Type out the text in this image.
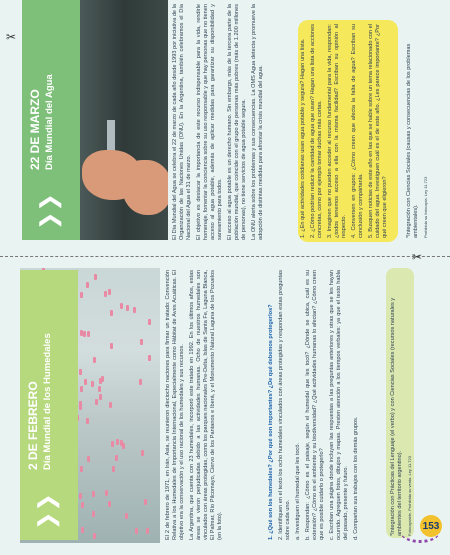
2 DE FEBRERO Día Mundial de los Humedales
❯❯	El 2 de febrero de 1971, en Irán, Asia, se reunieron dieciocho naciones para firmar un tratado: Convención Relativa a los Humedales de Importancia Internacional, Especialmente como Hábitat de Aves Acuáticas. El objetivo era la conservación y el uso racional de los humedales y sus recursos. La Argentina, que cuenta con 23 humedales, incorporó este tratado en 1992. En los últimos años, estas áreas se vieron perjudicadas debido a las actividades humanas. Ocho de nuestros humedales son vinculados con áreas protegidas, como los parques nacionales Pre-Delta, Islas de Santa Fe, Laguna Blanca, El Palmar, Río Pilcomayo, Ciervo de los Pantanos e Iberá, y el Monumento Natural Laguna de los Pozuelos (en la foto).	1. ¿Qué son los humedales? ¿Por qué son importantes? ¿De qué debemos protegerlos? 2. Identifiquen en el texto los ocho humedales vinculados con áreas protegidas y respondan estas preguntas sobre cada uno. a. Investiguen el humedal que les tocó. b. Respondan: ¿Cómo es el paisaje, según el humedal que les tocó? ¿Dónde se ubica, cuál es su extensión? ¿Cómo es el ambiente y su biodiversidad? ¿Qué actividades humanas lo afectan? ¿Cómo creen que es posible cuidarlo o protegerlo? c. Escriban una página donde incluyan las respuestas a las preguntas anteriores y otras que se les hayan ocurrido. Agreguen fotos, dibujos y mapas. Presten atención a los tiempos verbales: ya que el texto habla del pasado, presente y futuro. d. Compartan sus trabajos con los demás grupos.	*Integración con Prácticas del Lenguaje (el verbo) y con Ciencias Sociales (recursos naturales y ambientes del territorio argentino). Fotocopiable. Prohibida su venta. Ley 11.723
22 DE MARZO Día Mundial del Agua
❯❯	El Día Mundial del Agua se celebra el 22 de marzo de cada año desde 1993 por iniciativa de la Organización de las Naciones Unidas (ONU). En la Argentina, también celebramos el Día Nacional del Agua el 31 de marzo. El objetivo es destacar la importancia de este recurso indispensable para la vida, rendirle homenaje, fomentar la conciencia sobre su uso responsable y que hay personas que no tienen acceso al agua potable, además de aplicar medidas para garantizar su disponibilidad y saneamiento para todos. El acceso al agua potable es un derecho humano. Sin embargo, más de la tercera parte de la población mundial, que coincide con el grupo de personas más pobres (más de 1.200 millones de personas), no tiene servicios de agua potable segura. La ONU alerta sobre los problemas y sus consecuencias. La OMS Agua detecta y promueve la adopción de distintas medidas para afrontar la crisis mundial del agua.	1. ¿En qué actividades cotidianas usan agua potable y segura? Hagan una lista. 2. ¿Cómo podrían reducir la cantidad de agua que usan? Hagan una lista de acciones concretas, como por ejemplo tomar duchas más cortas. 3. Imaginen que no pueden acceder al recurso fundamental para la vida, respondan: ¿todos tenemos acceso a ella con la misma facilidad? Escriban su opinión al respecto. 4. Conversen en grupos: ¿Cómo creen que afecta la falta de agua? Escriban su conclusión y compártanla. 5. Busquen noticias de este año en las que se hable sobre un tema relacionado con el cuidado del agua. Investiguen cuál es el de este año. ¿Les parece importante? ¿Por qué creen que eligieron?	*Integración con Ciencias Sociales (causas y consecuencias de los problemas ambientales). Prohibida su fotocopia. Ley 11.723
✂
✂
153
